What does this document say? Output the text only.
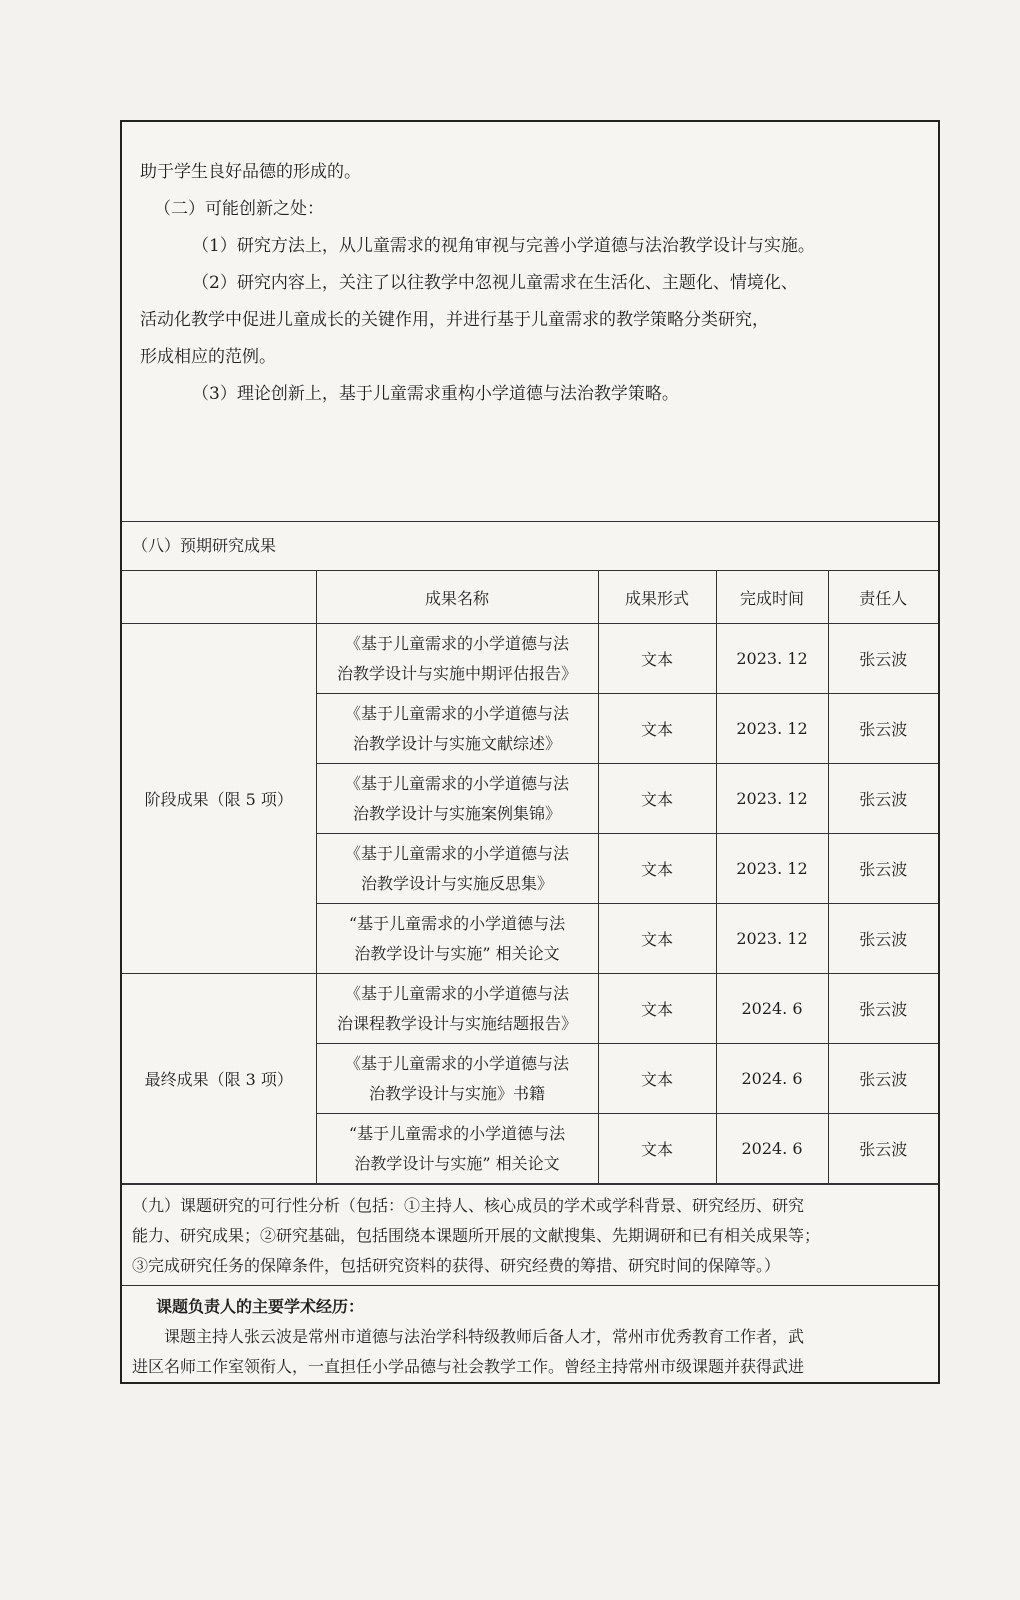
助于学生良好品德的形成的。

（二）可能创新之处：

（1）研究方法上，从儿童需求的视角审视与完善小学道德与法治教学设计与实施。

（2）研究内容上，关注了以往教学中忽视儿童需求在生活化、主题化、情境化、

活动化教学中促进儿童成长的关键作用，并进行基于儿童需求的教学策略分类研究，

形成相应的范例。

（3）理论创新上，基于儿童需求重构小学道德与法治教学策略。

（八）预期研究成果
	成果名称	成果形式	完成时间	责任人
阶段成果（限 5 项）	《基于儿童需求的小学道德与法
治教学设计与实施中期评估报告》	文本	2023. 12	张云波

	《基于儿童需求的小学道德与法
治教学设计与实施文献综述》	文本	2023. 12	张云波

	《基于儿童需求的小学道德与法
治教学设计与实施案例集锦》	文本	2023. 12	张云波

	《基于儿童需求的小学道德与法
治教学设计与实施反思集》	文本	2023. 12	张云波

	“基于儿童需求的小学道德与法
治教学设计与实施” 相关论文	文本	2023. 12	张云波
最终成果（限 3 项）	《基于儿童需求的小学道德与法
治课程教学设计与实施结题报告》	文本	2024. 6	张云波

	《基于儿童需求的小学道德与法
治教学设计与实施》书籍	文本	2024. 6	张云波

	“基于儿童需求的小学道德与法
治教学设计与实施” 相关论文	文本	2024. 6	张云波

（九）课题研究的可行性分析（包括：①主持人、核心成员的学术或学科背景、研究经历、研究

能力、研究成果；②研究基础，包括围绕本课题所开展的文献搜集、先期调研和已有相关成果等；

③完成研究任务的保障条件，包括研究资料的获得、研究经费的筹措、研究时间的保障等。）

课题负责人的主要学术经历：

课题主持人张云波是常州市道德与法治学科特级教师后备人才，常州市优秀教育工作者，武

进区名师工作室领衔人，一直担任小学品德与社会教学工作。曾经主持常州市级课题并获得武进
